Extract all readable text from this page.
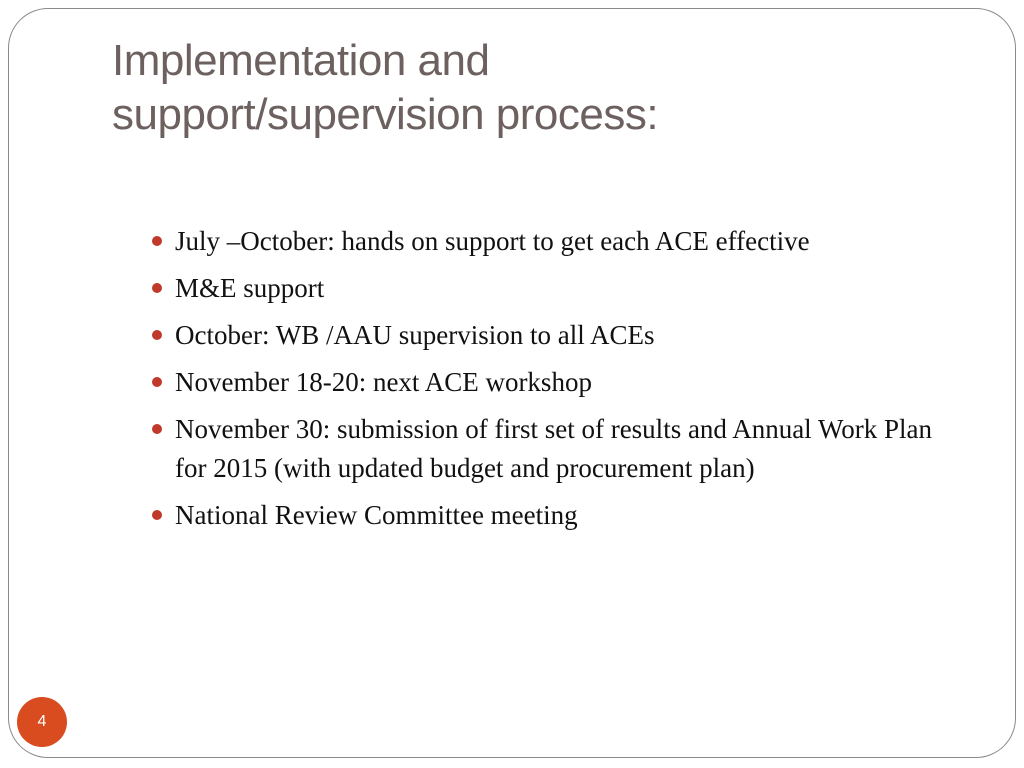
Implementation and
support/supervision process:
July –October: hands on support to get each ACE effective
M&E support
October: WB /AAU supervision to all ACEs
November 18-20: next ACE workshop
November 30: submission of first set of results and Annual Work Plan for 2015 (with updated budget and procurement plan)
National Review Committee meeting
4
